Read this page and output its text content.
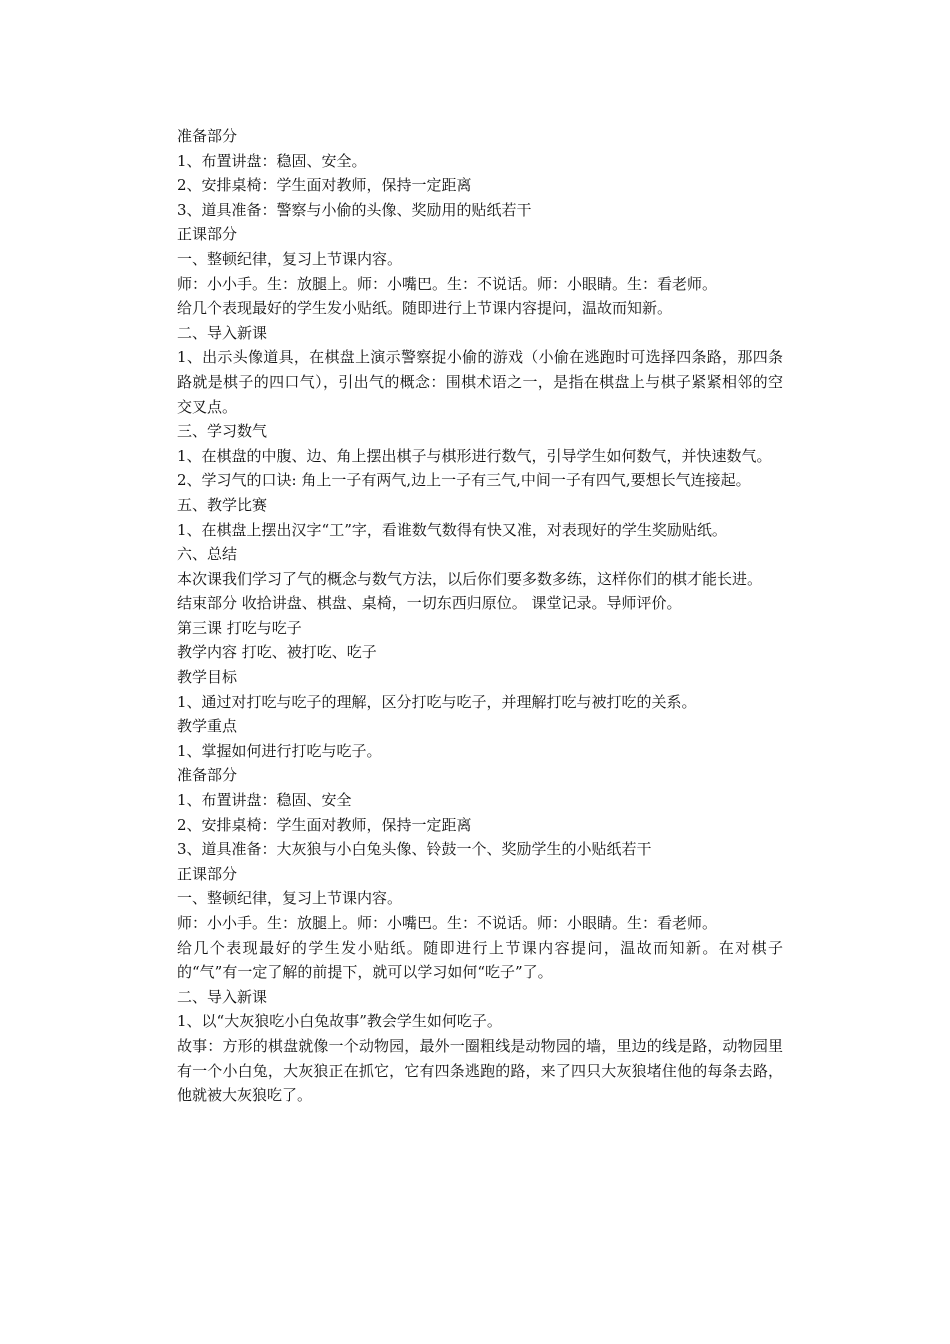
准备部分

1、布置讲盘：稳固、安全。

2、安排桌椅：学生面对教师，保持一定距离

3、道具准备：警察与小偷的头像、奖励用的贴纸若干

正课部分

一、整顿纪律，复习上节课内容。

师：小小手。生：放腿上。师：小嘴巴。生：不说话。师：小眼睛。生：看老师。

给几个表现最好的学生发小贴纸。随即进行上节课内容提问，温故而知新。

二、导入新课

1、出示头像道具，在棋盘上演示警察捉小偷的游戏（小偷在逃跑时可选择四条路，那四条路就是棋子的四口气），引出气的概念：围棋术语之一，是指在棋盘上与棋子紧紧相邻的空交叉点。

三、学习数气

1、在棋盘的中腹、边、角上摆出棋子与棋形进行数气，引导学生如何数气，并快速数气。

2、学习气的口诀: 角上一子有两气,边上一子有三气,中间一子有四气,要想长气连接起。

五、教学比赛

1、在棋盘上摆出汉字“工”字，看谁数气数得有快又准，对表现好的学生奖励贴纸。

六、总结

本次课我们学习了气的概念与数气方法，以后你们要多数多练，这样你们的棋才能长进。

结束部分 收拾讲盘、棋盘、桌椅，一切东西归原位。 课堂记录。导师评价。

第三课 打吃与吃子

教学内容 打吃、被打吃、吃子

教学目标

1、通过对打吃与吃子的理解，区分打吃与吃子，并理解打吃与被打吃的关系。

教学重点

1、掌握如何进行打吃与吃子。

准备部分

1、布置讲盘：稳固、安全

2、安排桌椅：学生面对教师，保持一定距离

3、道具准备：大灰狼与小白兔头像、铃鼓一个、奖励学生的小贴纸若干

正课部分

一、整顿纪律，复习上节课内容。

师：小小手。生：放腿上。师：小嘴巴。生：不说话。师：小眼睛。生：看老师。

给几个表现最好的学生发小贴纸。随即进行上节课内容提问，温故而知新。在对棋子的“气”有一定了解的前提下，就可以学习如何“吃子”了。

二、导入新课

1、以“大灰狼吃小白兔故事”教会学生如何吃子。

故事：方形的棋盘就像一个动物园，最外一圈粗线是动物园的墙，里边的线是路，动物园里有一个小白兔，大灰狼正在抓它，它有四条逃跑的路，来了四只大灰狼堵住他的每条去路，他就被大灰狼吃了。
